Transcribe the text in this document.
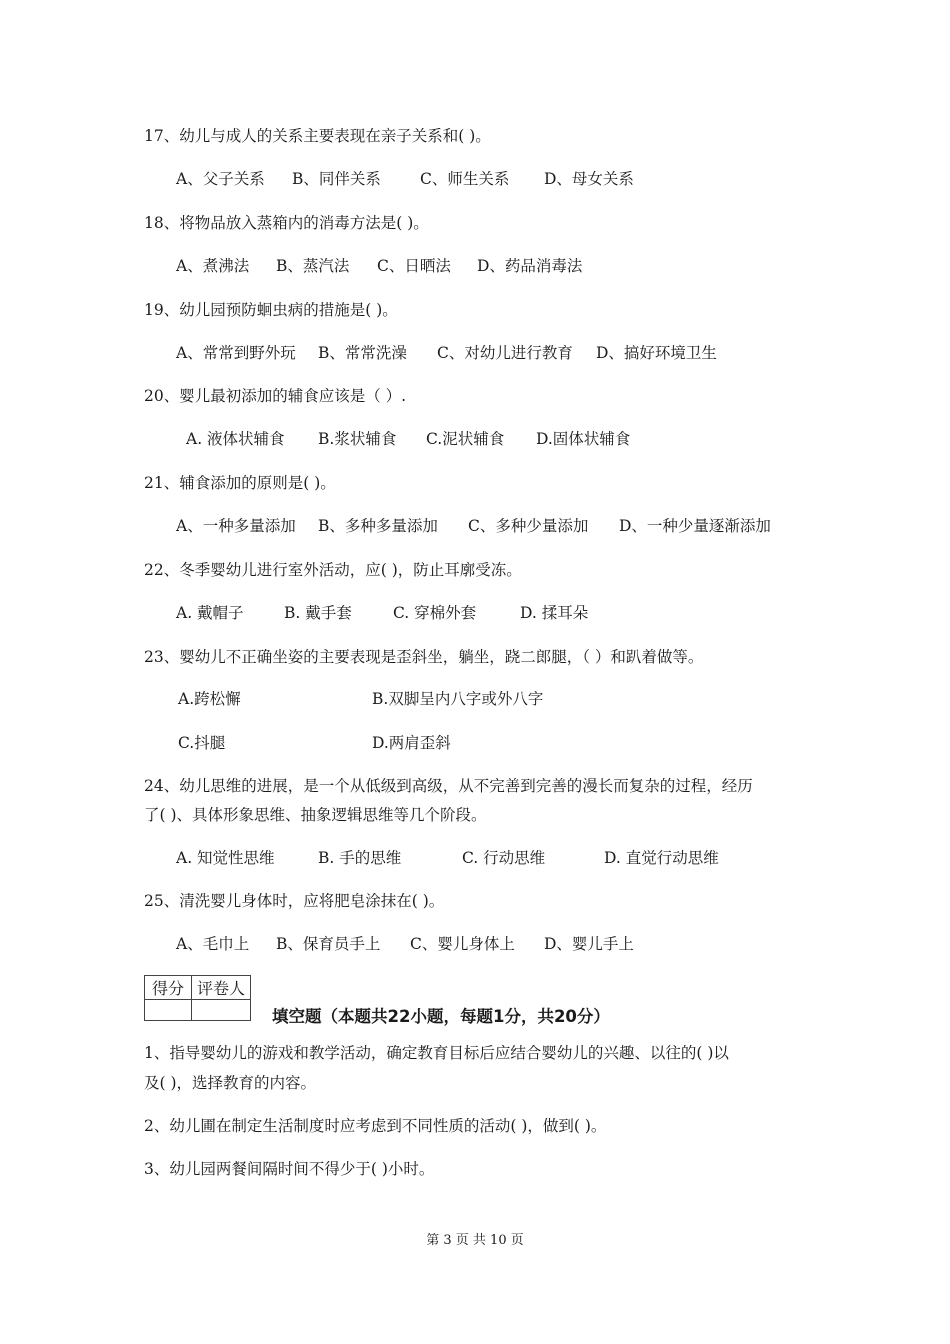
17、幼儿与成人的关系主要表现在亲子关系和( )。
A、父子关系 B、同伴关系	C、师生关系 D、母女关系
18、将物品放入蒸箱内的消毒方法是( )。
A、煮沸法 B、蒸汽法 C、日晒法 D、药品消毒法
19、幼儿园预防蛔虫病的措施是( )。
A、常常到野外玩 B、常常洗澡 C、对幼儿进行教育 D、搞好环境卫生
20、婴儿最初添加的辅食应该是（ ）.
A. 液体状辅食 B.浆状辅食 C.泥状辅食 D.固体状辅食
21、辅食添加的原则是( )。
A、一种多量添加 B、多种多量添加 C、多种少量添加 D、一种少量逐渐添加
22、冬季婴幼儿进行室外活动，应( )，防止耳廓受冻。
A. 戴帽子	B. 戴手套	C. 穿棉外套	D. 揉耳朵
23、婴幼儿不正确坐姿的主要表现是歪斜坐，躺坐，跷二郎腿，（ ）和趴着做等。
A.跨松懈	B.双脚呈内八字或外八字
C.抖腿	D.两肩歪斜
24、幼儿思维的进展，是一个从低级到高级，从不完善到完善的漫长而复杂的过程，经历
了( )、具体形象思维、抽象逻辑思维等几个阶段。
A. 知觉性思维	B. 手的思维	C. 行动思维	D. 直觉行动思维
25、清洗婴儿身体时，应将肥皂涂抹在( )。
A、毛巾上 B、保育员手上 C、婴儿身体上 D、婴儿手上
得分	评卷人

填空题（本题共22小题，每题1分，共20分）
1、指导婴幼儿的游戏和教学活动，确定教育目标后应结合婴幼儿的兴趣、以往的( )以
及( )，选择教育的内容。
2、幼儿圃在制定生活制度时应考虑到不同性质的活动( )，做到( )。
3、幼儿园两餐间隔时间不得少于( )小时。
第 3 页 共 10 页
